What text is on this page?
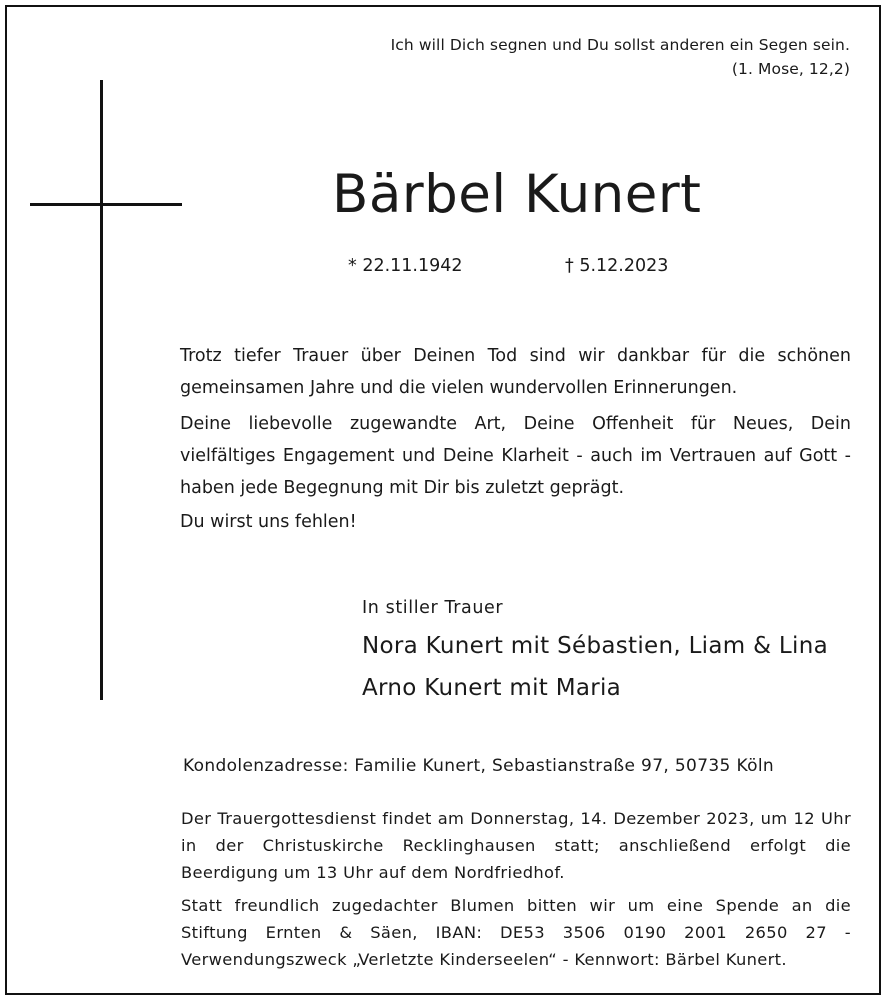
Ich will Dich segnen und Du sollst anderen ein Segen sein.
(1. Mose, 12,2)
Bärbel Kunert
* 22.11.1942	† 5.12.2023

Trotz tiefer Trauer über Deinen Tod sind wir dankbar für die schönen gemeinsamen Jahre und die vielen wundervollen Erinnerungen.

Deine liebevolle zugewandte Art, Deine Offenheit für Neues, Dein vielfältiges Engagement und Deine Klarheit - auch im Vertrauen auf Gott - haben jede Begegnung mit Dir bis zuletzt geprägt.

Du wirst uns fehlen!

In stiller Trauer
Nora Kunert mit Sébastien, Liam & Lina
Arno Kunert mit Maria
Kondolenzadresse: Familie Kunert, Sebastianstraße 97, 50735 Köln

Der Trauergottesdienst findet am Donnerstag, 14. Dezember 2023, um 12 Uhr in der Christuskirche Recklinghausen statt; anschließend erfolgt die Beerdigung um 13 Uhr auf dem Nordfriedhof.

Statt freundlich zugedachter Blumen bitten wir um eine Spende an die Stiftung Ernten & Säen, IBAN: DE53 3506 0190 2001 2650 27 - Verwendungszweck „Verletzte Kinderseelen“ - Kennwort: Bärbel Kunert.
